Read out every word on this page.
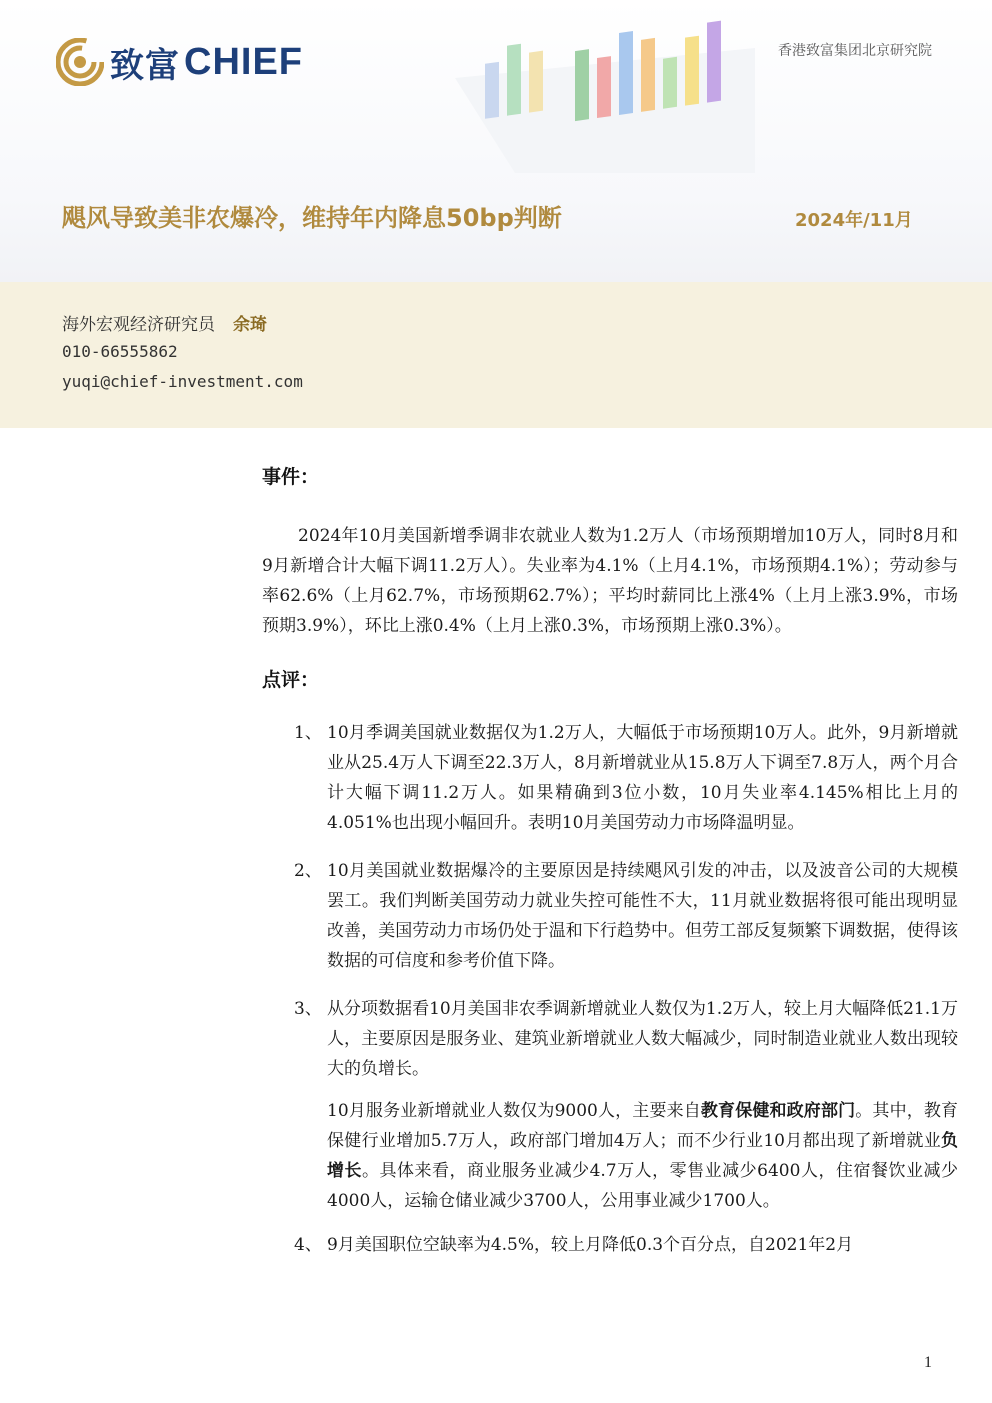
致富 CHIEF	香港致富集团北京研究院
飓风导致美非农爆冷，维持年内降息50bp判断	2024年/11月
海外宏观经济研究员 余琦
010-66555862
yuqi@chief-investment.com
事件：

2024年10月美国新增季调非农就业人数为1.2万人（市场预期增加10万人，同时8月和9月新增合计大幅下调11.2万人）。失业率为4.1%（上月4.1%，市场预期4.1%）；劳动参与率62.6%（上月62.7%，市场预期62.7%）；平均时薪同比上涨4%（上月上涨3.9%，市场预期3.9%），环比上涨0.4%（上月上涨0.3%，市场预期上涨0.3%）。

点评：
1、 10月季调美国就业数据仅为1.2万人，大幅低于市场预期10万人。此外，9月新增就业从25.4万人下调至22.3万人，8月新增就业从15.8万人下调至7.8万人，两个月合计大幅下调11.2万人。如果精确到3位小数，10月失业率4.145%相比上月的4.051%也出现小幅回升。表明10月美国劳动力市场降温明显。

2、 10月美国就业数据爆冷的主要原因是持续飓风引发的冲击，以及波音公司的大规模罢工。我们判断美国劳动力就业失控可能性不大，11月就业数据将很可能出现明显改善，美国劳动力市场仍处于温和下行趋势中。但劳工部反复频繁下调数据，使得该数据的可信度和参考价值下降。

3、 从分项数据看10月美国非农季调新增就业人数仅为1.2万人，较上月大幅降低21.1万人，主要原因是服务业、建筑业新增就业人数大幅减少，同时制造业就业人数出现较大的负增长。

10月服务业新增就业人数仅为9000人，主要来自教育保健和政府部门。其中，教育保健行业增加5.7万人，政府部门增加4万人；而不少行业10月都出现了新增就业负增长。具体来看，商业服务业减少4.7万人，零售业减少6400人，住宿餐饮业减少4000人，运输仓储业减少3700人，公用事业减少1700人。

4、 9月美国职位空缺率为4.5%，较上月降低0.3个百分点，自2021年2月

1
